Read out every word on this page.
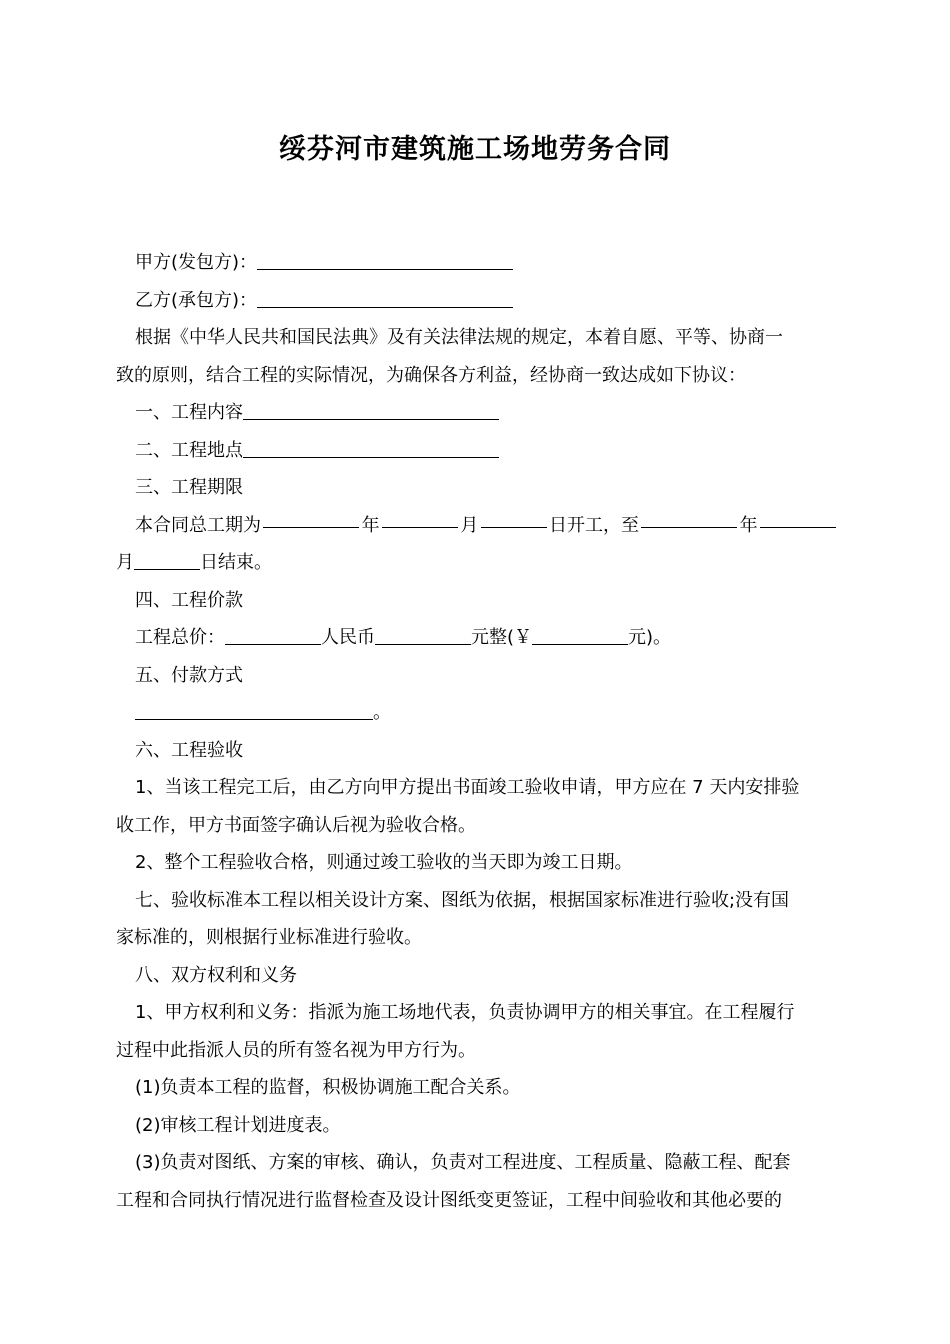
绥芬河市建筑施工场地劳务合同
甲方(发包方)：
乙方(承包方)：
根据《中华人民共和国民法典》及有关法律法规的规定，本着自愿、平等、协商一
致的原则，结合工程的实际情况，为确保各方利益，经协商一致达成如下协议：
一、工程内容
二、工程地点
三、工程期限
本合同总工期为	年	月	日开工，至	年
月	日结束。
四、工程价款
工程总价：	人民币	元整(￥	元)。
五、付款方式
。
六、工程验收
1、当该工程完工后，由乙方向甲方提出书面竣工验收申请，甲方应在 7 天内安排验
收工作，甲方书面签字确认后视为验收合格。
2、整个工程验收合格，则通过竣工验收的当天即为竣工日期。
七、验收标准本工程以相关设计方案、图纸为依据，根据国家标准进行验收;没有国
家标准的，则根据行业标准进行验收。
八、双方权利和义务
1、甲方权利和义务：指派为施工场地代表，负责协调甲方的相关事宜。在工程履行
过程中此指派人员的所有签名视为甲方行为。
(1)负责本工程的监督，积极协调施工配合关系。
(2)审核工程计划进度表。
(3)负责对图纸、方案的审核、确认，负责对工程进度、工程质量、隐蔽工程、配套
工程和合同执行情况进行监督检查及设计图纸变更签证，工程中间验收和其他必要的
